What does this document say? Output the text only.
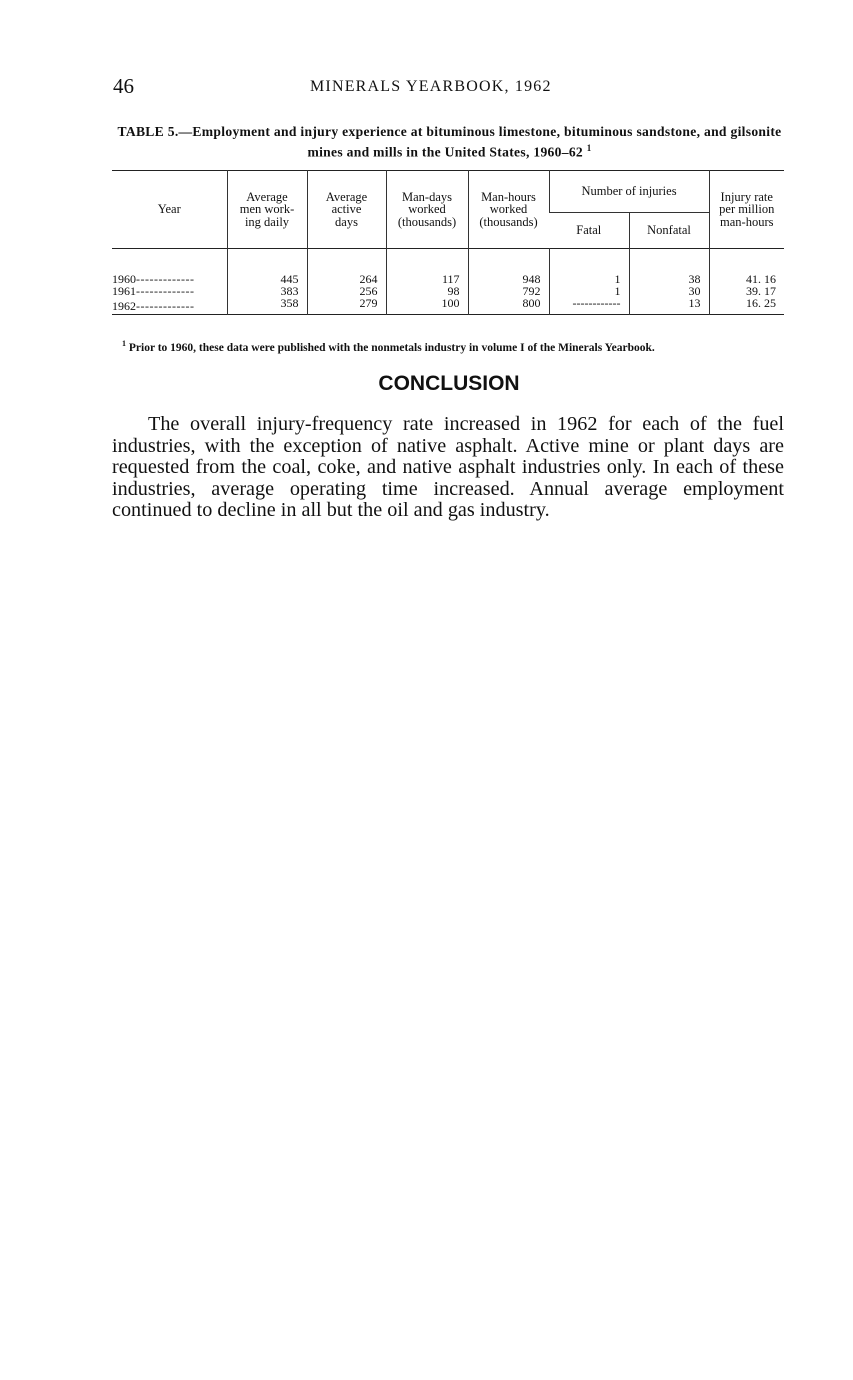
46	MINERALS YEARBOOK, 1962
TABLE 5.—Employment and injury experience at bituminous limestone, bituminous sandstone, and gilsonite mines and mills in the United States, 1960–62 $^1$
Year	Average
men work-
ing daily	Average
active
days	Man-days
worked
(thousands)	Man-hours
worked
(thousands)	Number of injuries		Injury rate
per million
man-hours
					Fatal	Nonfatal	

1960-------------	445	264	117	948	1	38	41. 16
1961-------------	383	256	98	792	1	30	39. 17
1962-------------	358	279	100	800	------------	13	16. 25
$^1$ Prior to 1960, these data were published with the nonmetals industry in volume I of the Minerals Yearbook.
CONCLUSION

The overall injury-frequency rate increased in 1962 for each of the fuel industries, with the exception of native asphalt. Active mine or plant days are requested from the coal, coke, and native asphalt industries only. In each of these industries, average operating time increased. Annual average employment continued to decline in all but the oil and gas industry.
